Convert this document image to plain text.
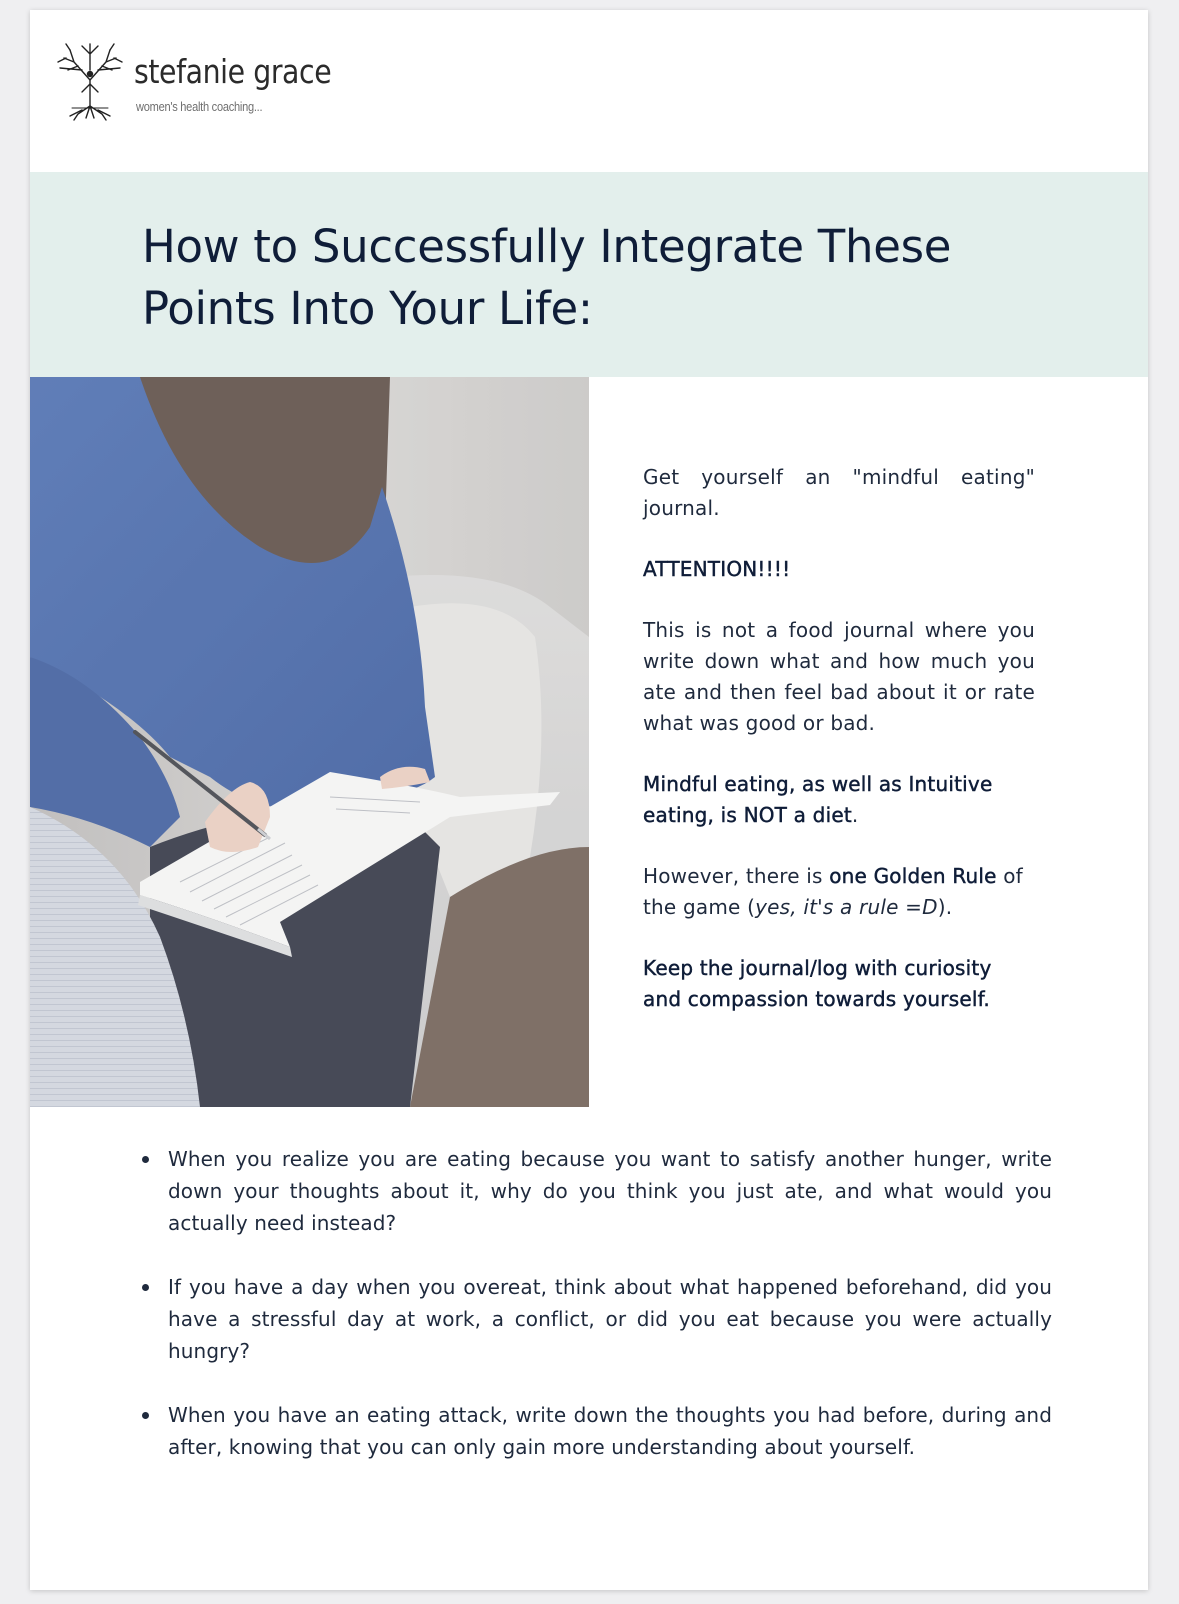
stefanie grace
women's health coaching...
How to Successfully Integrate These
Points Into Your Life:

Get yourself an "mindful eating" journal.

ATTENTION!!!!

This is not a food journal where you write down what and how much you ate and then feel bad about it or rate what was good or bad.

Mindful eating, as well as Intuitive eating, is NOT a diet.

However, there is one Golden Rule of the game (yes, it's a rule =D).

Keep the journal/log with curiosity and compassion towards yourself.

When you realize you are eating because you want to satisfy another hunger, write down your thoughts about it, why do you think you just ate, and what would you actually need instead?
If you have a day when you overeat, think about what happened beforehand, did you have a stressful day at work, a conflict, or did you eat because you were actually hungry?
When you have an eating attack, write down the thoughts you had before, during and after, knowing that you can only gain more understanding about yourself.
